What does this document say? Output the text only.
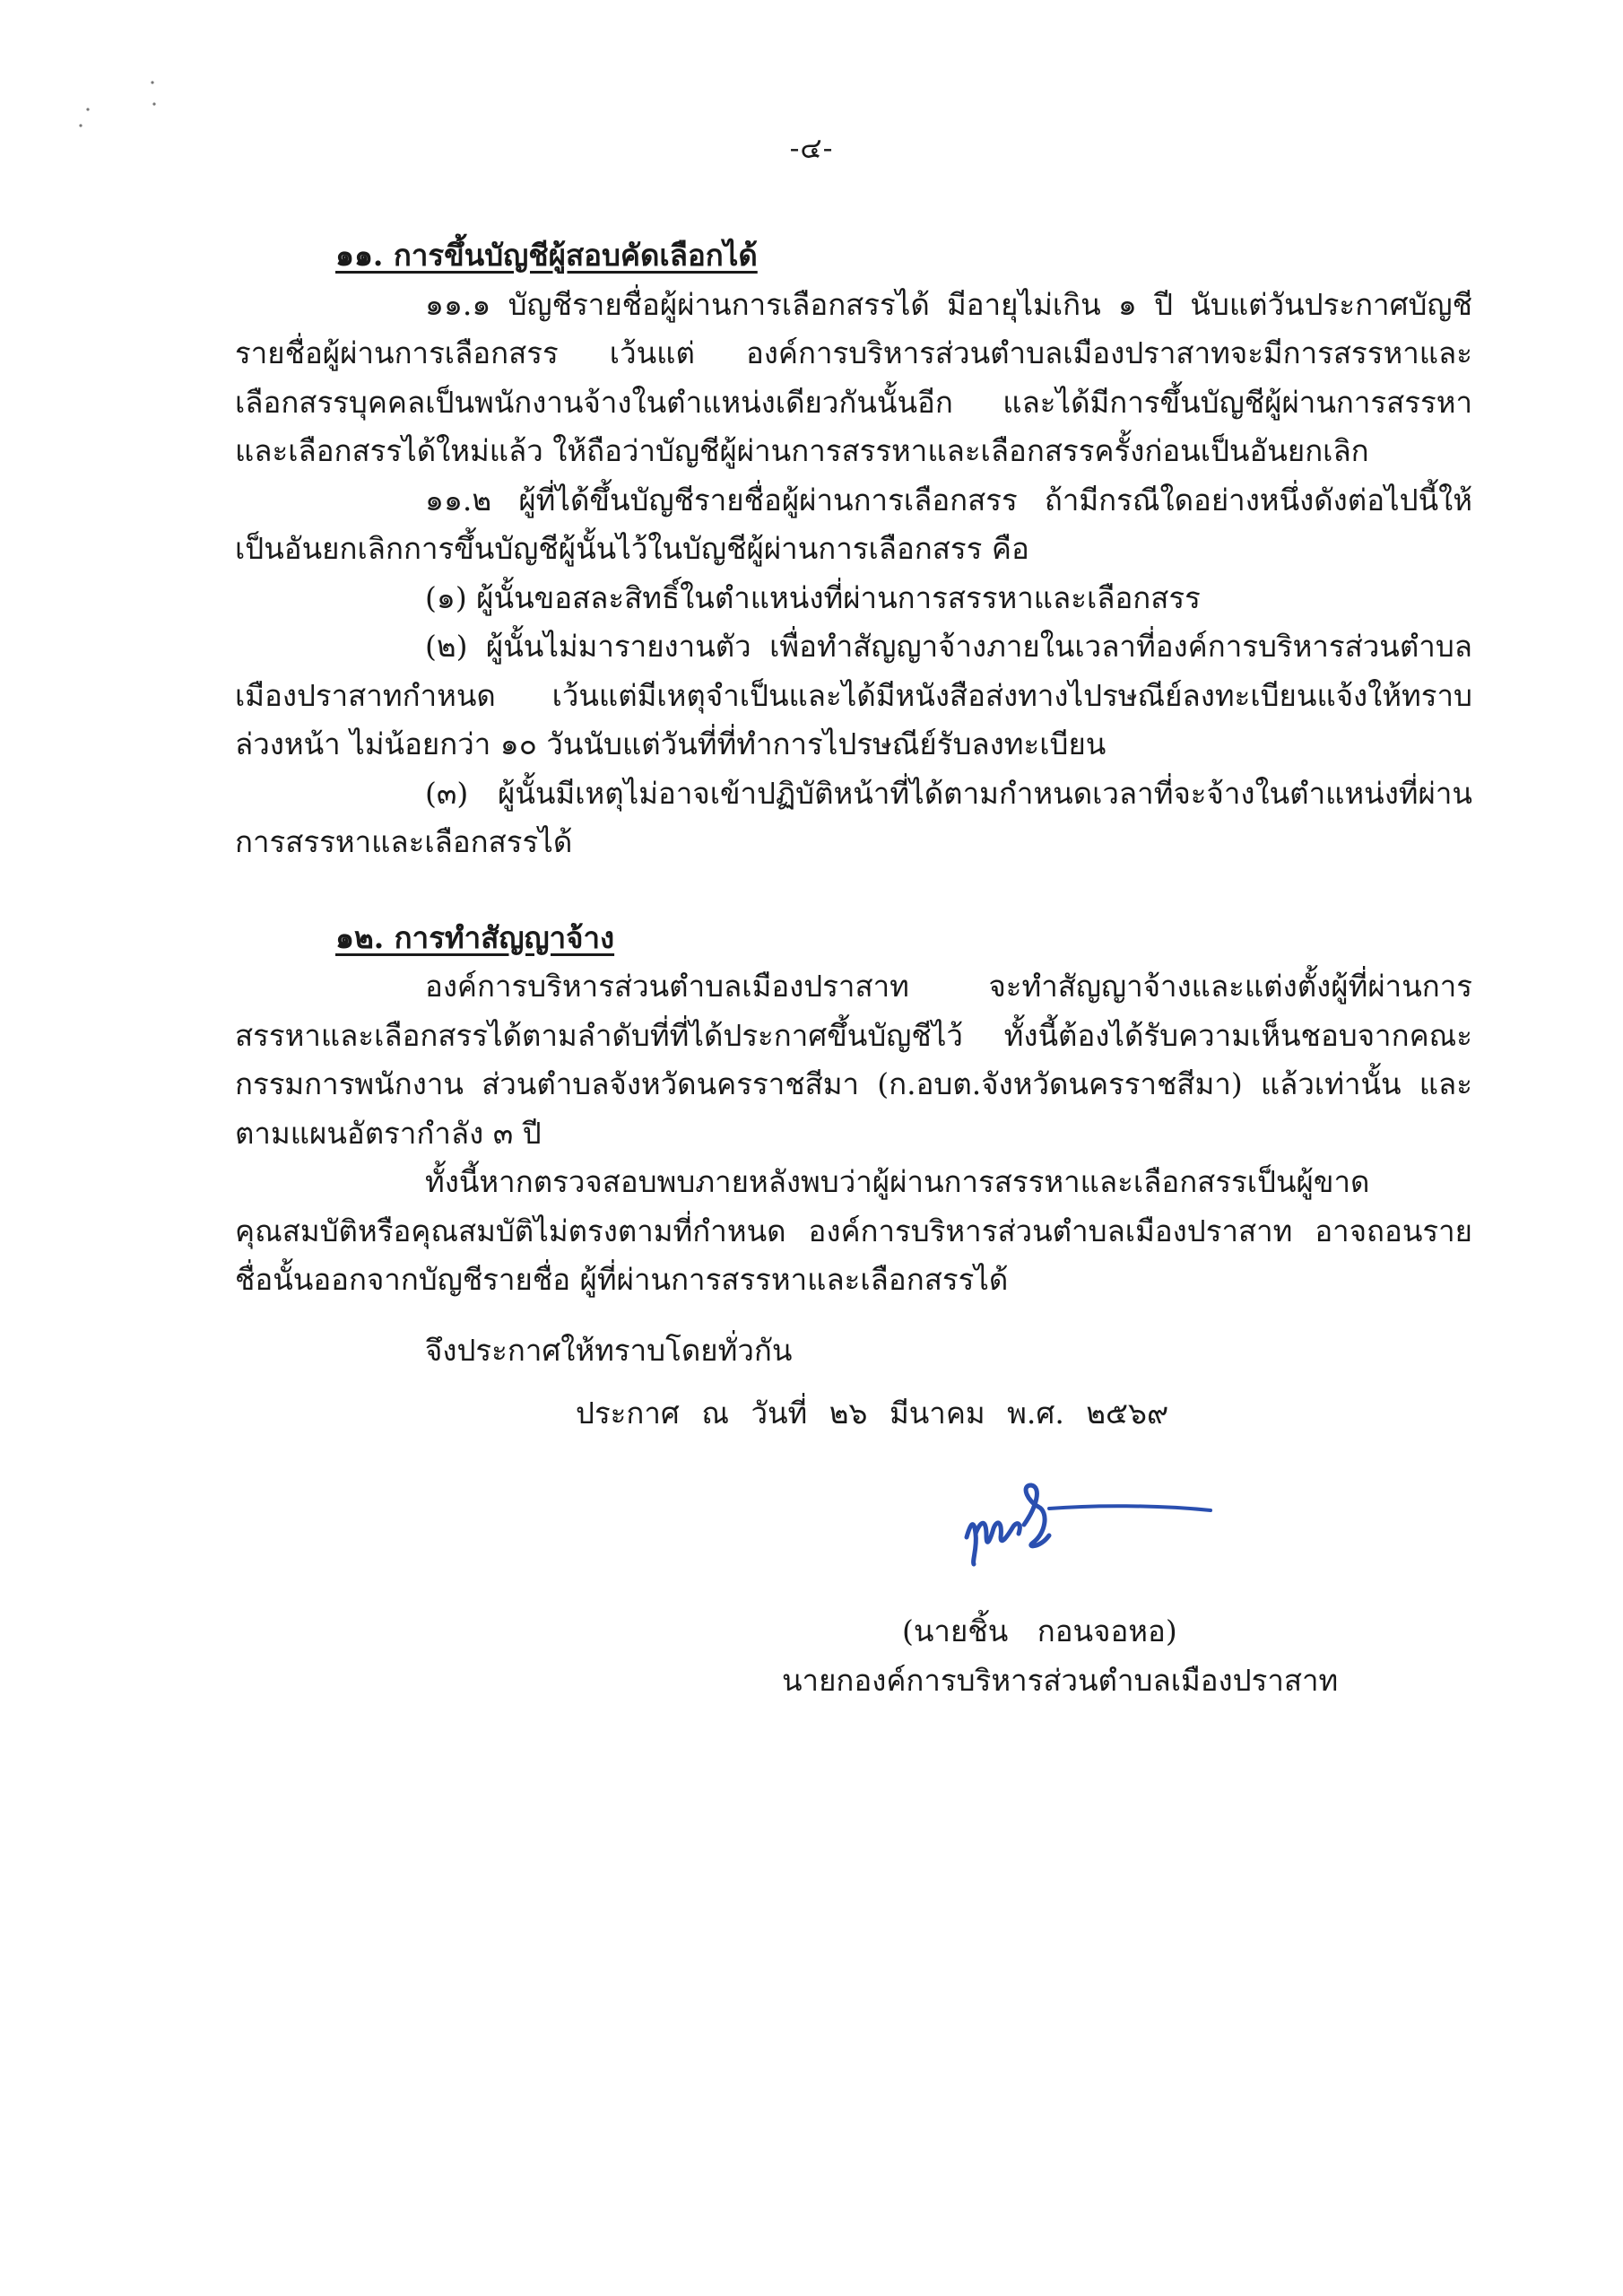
-๔-
๑๑. การขึ้นบัญชีผู้สอบคัดเลือกได้

๑๑.๑ บัญชีรายชื่อผู้ผ่านการเลือกสรรได้ มีอายุไม่เกิน ๑ ปี นับแต่วันประกาศบัญชีรายชื่อผู้ผ่านการเลือกสรร เว้นแต่ องค์การบริหารส่วนตำบลเมืองปราสาทจะมีการสรรหาและเลือกสรรบุคคลเป็นพนักงานจ้างในตำแหน่งเดียวกันนั้นอีก และได้มีการขึ้นบัญชีผู้ผ่านการสรรหาและเลือกสรรได้ใหม่แล้ว ให้ถือว่าบัญชีผู้ผ่านการสรรหาและเลือกสรรครั้งก่อนเป็นอันยกเลิก

๑๑.๒ ผู้ที่ได้ขึ้นบัญชีรายชื่อผู้ผ่านการเลือกสรร ถ้ามีกรณีใดอย่างหนึ่งดังต่อไปนี้ให้เป็นอันยกเลิกการขึ้นบัญชีผู้นั้นไว้ในบัญชีผู้ผ่านการเลือกสรร คือ

(๑) ผู้นั้นขอสละสิทธิ์ในตำแหน่งที่ผ่านการสรรหาและเลือกสรร

(๒) ผู้นั้นไม่มารายงานตัว เพื่อทำสัญญาจ้างภายในเวลาที่องค์การบริหารส่วนตำบลเมืองปราสาทกำหนด เว้นแต่มีเหตุจำเป็นและได้มีหนังสือส่งทางไปรษณีย์ลงทะเบียนแจ้งให้ทราบล่วงหน้า ไม่น้อยกว่า ๑๐ วันนับแต่วันที่ที่ทำการไปรษณีย์รับลงทะเบียน

(๓) ผู้นั้นมีเหตุไม่อาจเข้าปฏิบัติหน้าที่ได้ตามกำหนดเวลาที่จะจ้างในตำแหน่งที่ผ่านการสรรหาและเลือกสรรได้

๑๒. การทำสัญญาจ้าง

องค์การบริหารส่วนตำบลเมืองปราสาท จะทำสัญญาจ้างและแต่งตั้งผู้ที่ผ่านการสรรหาและเลือกสรรได้ตามลำดับที่ที่ได้ประกาศขึ้นบัญชีไว้ ทั้งนี้ต้องได้รับความเห็นชอบจากคณะกรรมการพนักงาน ส่วนตำบลจังหวัดนครราชสีมา (ก.อบต.จังหวัดนครราชสีมา) แล้วเท่านั้น และตามแผนอัตรากำลัง ๓ ปี

ทั้งนี้หากตรวจสอบพบภายหลังพบว่าผู้ผ่านการสรรหาและเลือกสรรเป็นผู้ขาดคุณสมบัติหรือคุณสมบัติไม่ตรงตามที่กำหนด องค์การบริหารส่วนตำบลเมืองปราสาท อาจถอนรายชื่อนั้นออกจากบัญชีรายชื่อ ผู้ที่ผ่านการสรรหาและเลือกสรรได้

จึงประกาศให้ทราบโดยทั่วกัน

ประกาศ ณ วันที่ ๒๖ มีนาคม พ.ศ. ๒๕๖๙

(นายชิ้น กอนจอหอ)
นายกองค์การบริหารส่วนตำบลเมืองปราสาท
